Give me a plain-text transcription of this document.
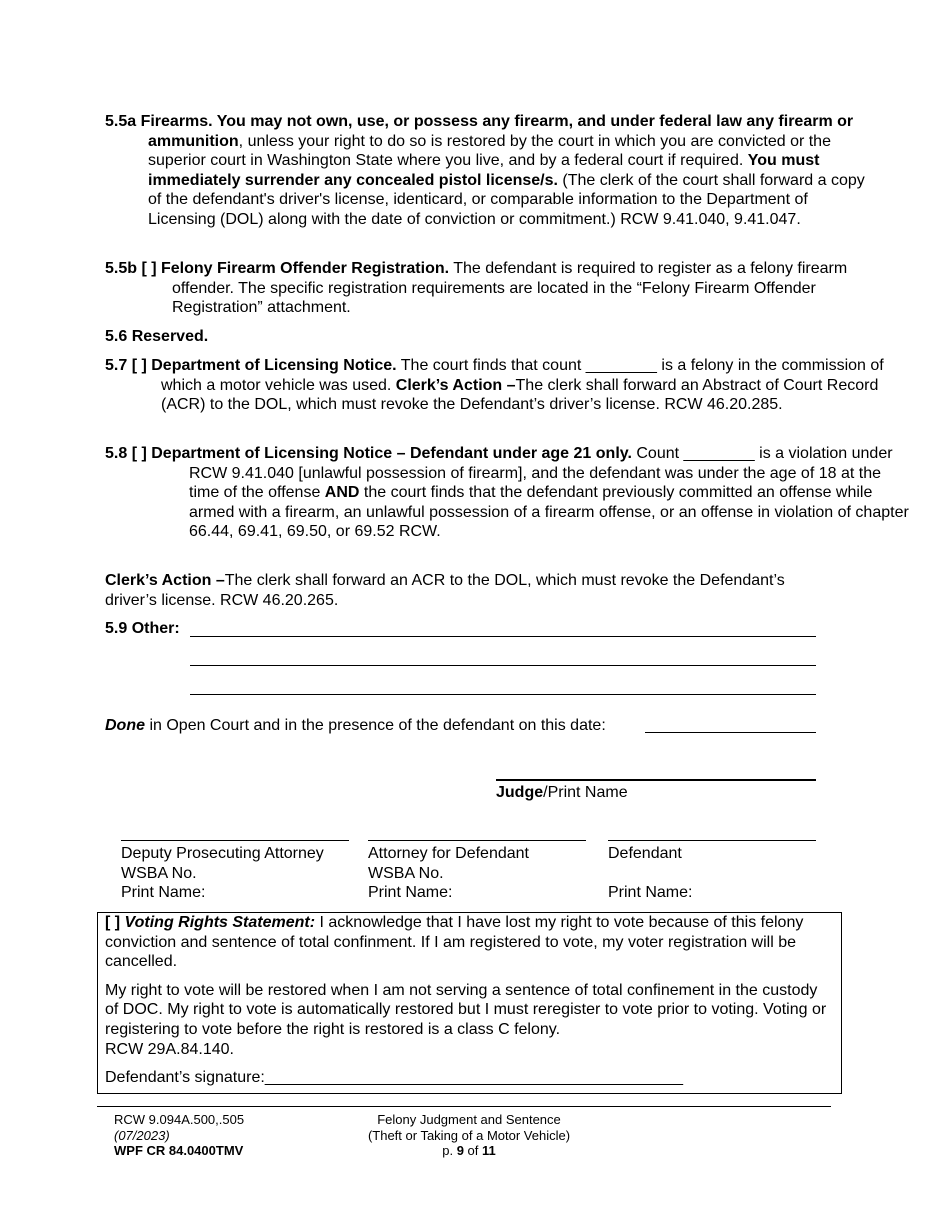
5.5a Firearms. You may not own, use, or possess any firearm, and under federal law any firearm or ammunition, unless your right to do so is restored by the court in which you are convicted or the superior court in Washington State where you live, and by a federal court if required. You must immediately surrender any concealed pistol license/s. (The clerk of the court shall forward a copy of the defendant's driver's license, identicard, or comparable information to the Department of Licensing (DOL) along with the date of conviction or commitment.) RCW 9.41.040, 9.41.047.

5.5b [ ] Felony Firearm Offender Registration. The defendant is required to register as a felony firearm offender. The specific registration requirements are located in the “Felony Firearm Offender Registration” attachment.

5.6 Reserved.

5.7 [ ] Department of Licensing Notice. The court finds that count ________ is a felony in the commission of which a motor vehicle was used. Clerk’s Action –The clerk shall forward an Abstract of Court Record (ACR) to the DOL, which must revoke the Defendant’s driver’s license. RCW 46.20.285.

5.8 [ ] Department of Licensing Notice – Defendant under age 21 only. Count ________ is a violation under RCW 9.41.040 [unlawful possession of firearm], and the defendant was under the age of 18 at the time of the offense AND the court finds that the defendant previously committed an offense while armed with a firearm, an unlawful possession of a firearm offense, or an offense in violation of chapter 66.44, 69.41, 69.50, or 69.52 RCW.

Clerk’s Action –The clerk shall forward an ACR to the DOL, which must revoke the Defendant’s driver’s license. RCW 46.20.265.

5.9 Other:

Done in Open Court and in the presence of the defendant on this date:

Judge/Print Name

Deputy Prosecuting Attorney
WSBA No.
Print Name:
Attorney for Defendant
WSBA No.
Print Name:
Defendant

Print Name:

[ ] Voting Rights Statement: I acknowledge that I have lost my right to vote because of this felony conviction and sentence of total confinment. If I am registered to vote, my voter registration will be cancelled.

My right to vote will be restored when I am not serving a sentence of total confinement in the custody of DOC. My right to vote is automatically restored but I must reregister to vote prior to voting. Voting or registering to vote before the right is restored is a class C felony.
RCW 29A.84.140.

Defendant’s signature:_______________________________________________

RCW 9.094A.500,.505
(07/2023)
WPF CR 84.0400TMV
Felony Judgment and Sentence
(Theft or Taking of a Motor Vehicle)
p. 9 of 11
